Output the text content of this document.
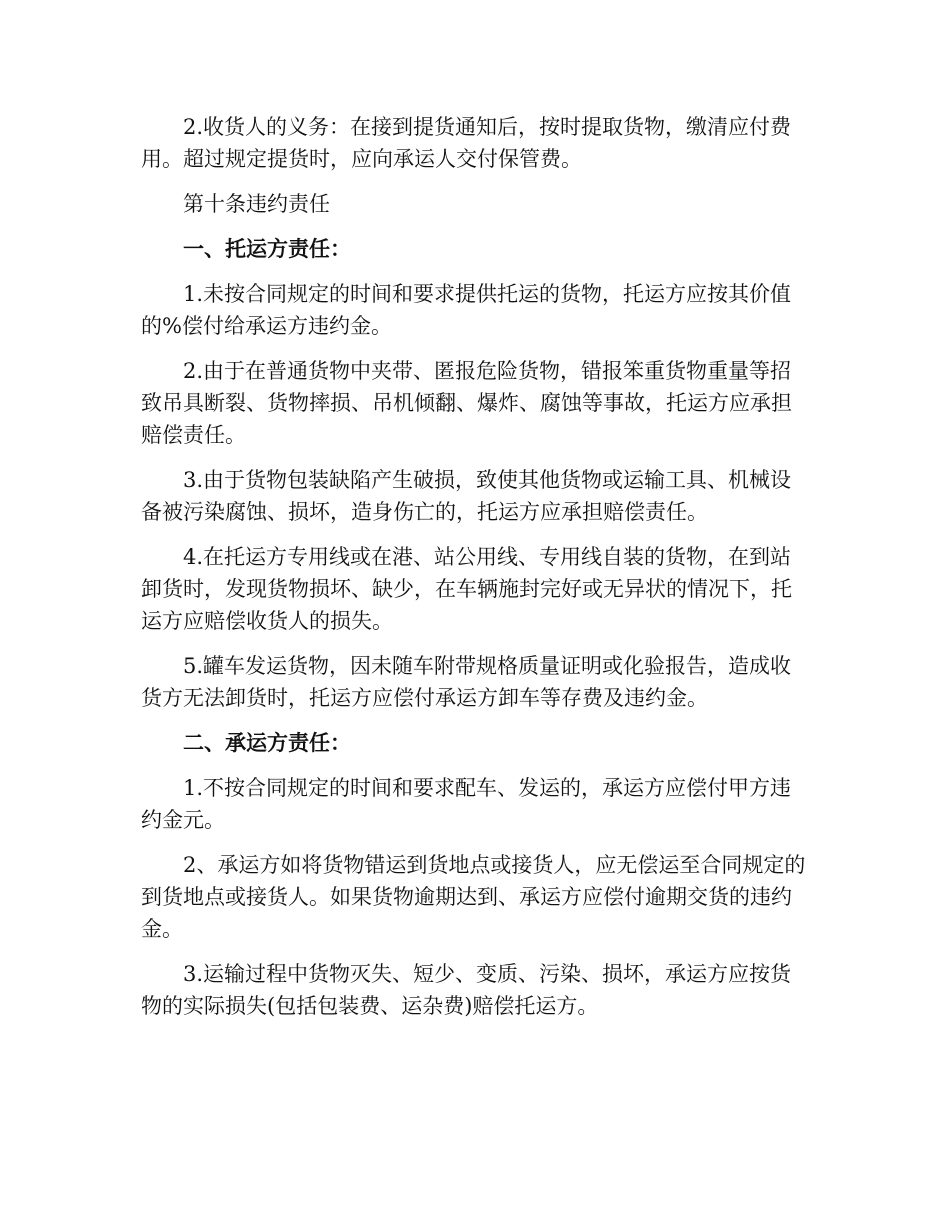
2.收货人的义务：在接到提货通知后，按时提取货物，缴清应付费用。超过规定提货时，应向承运人交付保管费。

第十条违约责任

一、托运方责任：

1.未按合同规定的时间和要求提供托运的货物，托运方应按其价值的%偿付给承运方违约金。

2.由于在普通货物中夹带、匿报危险货物，错报笨重货物重量等招致吊具断裂、货物摔损、吊机倾翻、爆炸、腐蚀等事故，托运方应承担赔偿责任。

3.由于货物包装缺陷产生破损，致使其他货物或运输工具、机械设备被污染腐蚀、损坏，造身伤亡的，托运方应承担赔偿责任。

4.在托运方专用线或在港、站公用线、专用线自装的货物，在到站卸货时，发现货物损坏、缺少，在车辆施封完好或无异状的情况下，托运方应赔偿收货人的损失。

5.罐车发运货物，因未随车附带规格质量证明或化验报告，造成收货方无法卸货时，托运方应偿付承运方卸车等存费及违约金。

二、承运方责任：

1.不按合同规定的时间和要求配车、发运的，承运方应偿付甲方违约金元。

2、承运方如将货物错运到货地点或接货人，应无偿运至合同规定的到货地点或接货人。如果货物逾期达到、承运方应偿付逾期交货的违约金。

3.运输过程中货物灭失、短少、变质、污染、损坏，承运方应按货物的实际损失(包括包装费、运杂费)赔偿托运方。
